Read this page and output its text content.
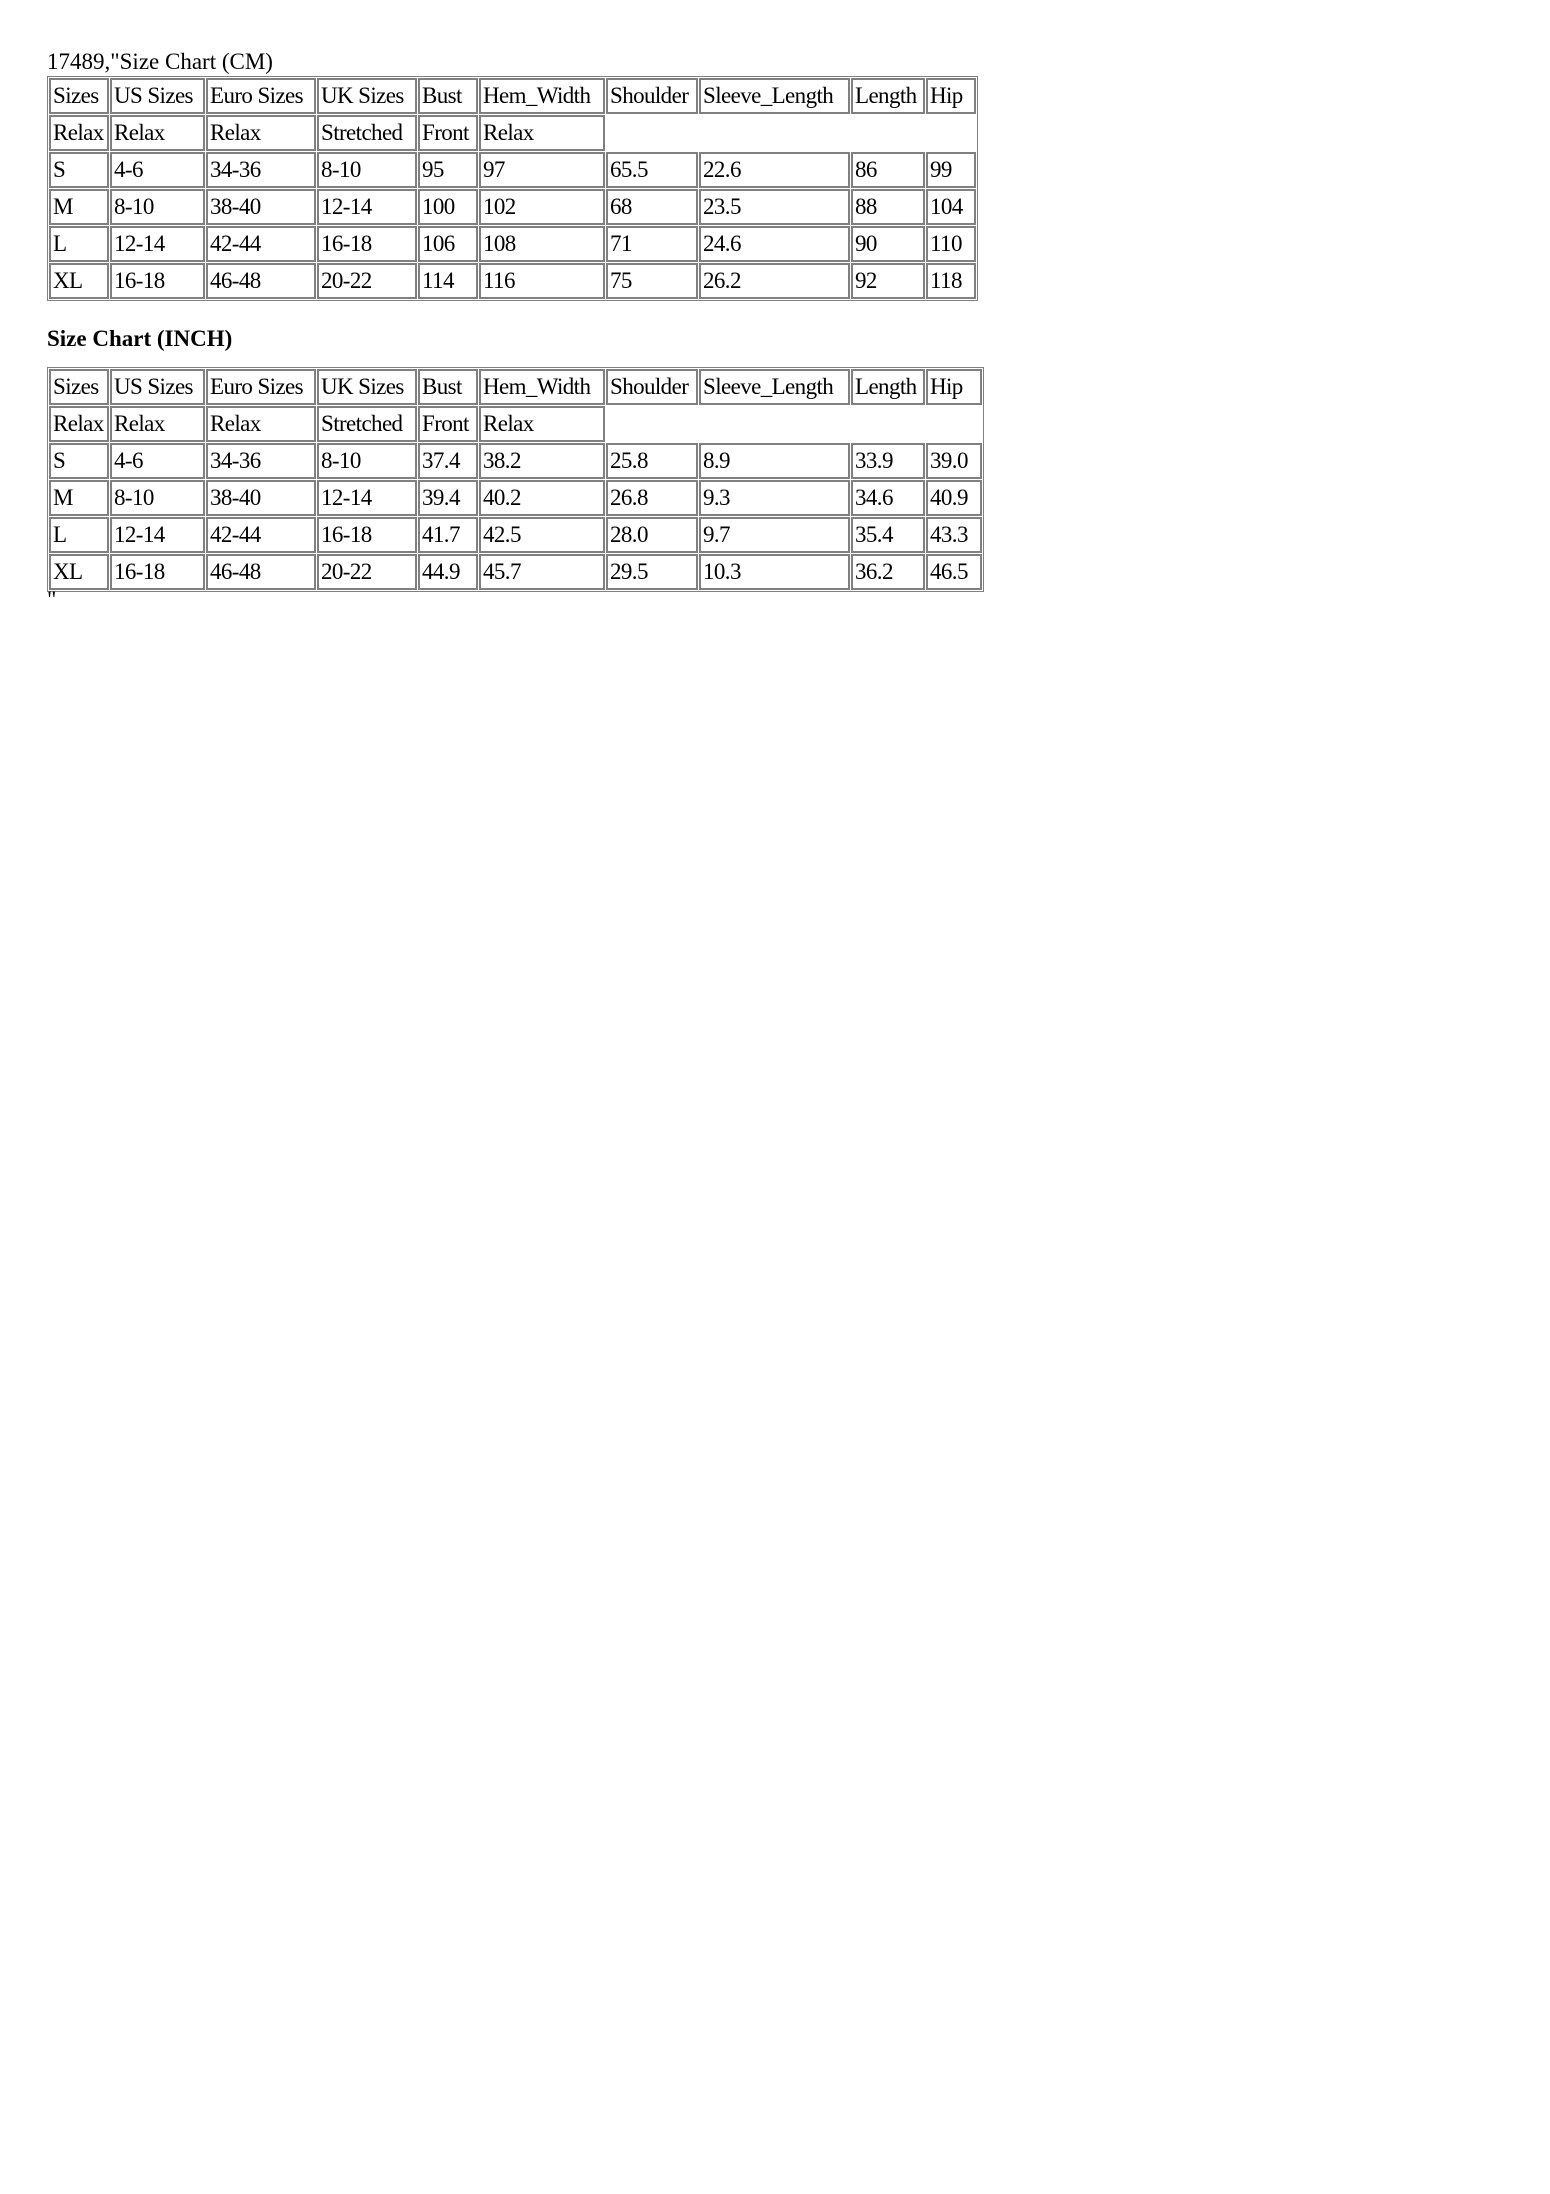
17489,"Size Chart (CM)

Sizes	US Sizes	Euro Sizes	UK Sizes	Bust	Hem_Width	Shoulder	Sleeve_Length	Length	Hip
Relax	Relax	Relax	Stretched	Front	Relax				
S	4-6	34-36	8-10	95	97	65.5	22.6	86	99
M	8-10	38-40	12-14	100	102	68	23.5	88	104
L	12-14	42-44	16-18	106	108	71	24.6	90	110
XL	16-18	46-48	20-22	114	116	75	26.2	92	118

Size Chart (INCH)

Sizes	US Sizes	Euro Sizes	UK Sizes	Bust	Hem_Width	Shoulder	Sleeve_Length	Length	Hip
Relax	Relax	Relax	Stretched	Front	Relax				
S	4-6	34-36	8-10	37.4	38.2	25.8	8.9	33.9	39.0
M	8-10	38-40	12-14	39.4	40.2	26.8	9.3	34.6	40.9
L	12-14	42-44	16-18	41.7	42.5	28.0	9.7	35.4	43.3
XL	16-18	46-48	20-22	44.9	45.7	29.5	10.3	36.2	46.5

"
